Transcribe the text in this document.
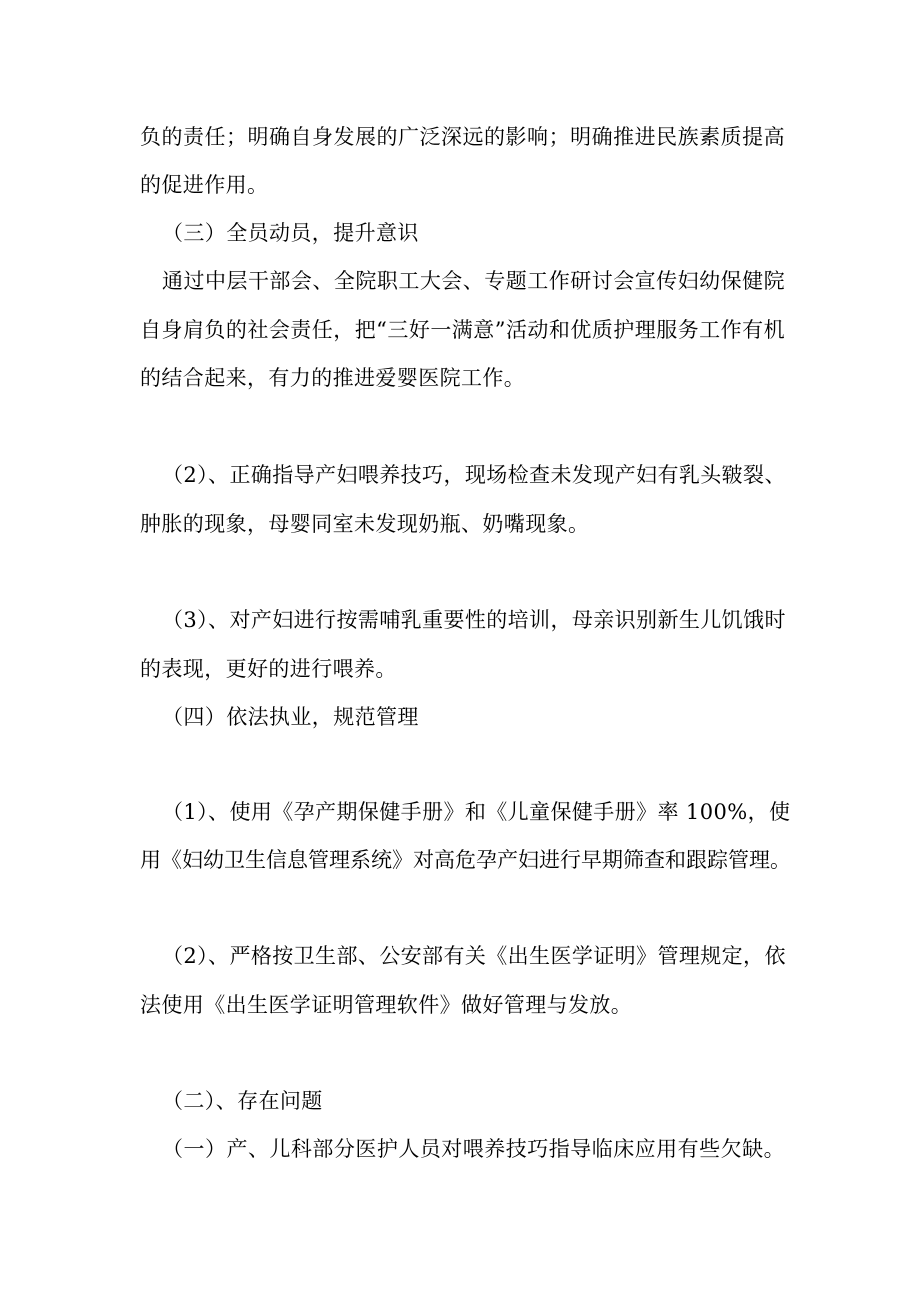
负的责任；明确自身发展的广泛深远的影响；明确推进民族素质提高
的促进作用。
（三）全员动员，提升意识
通过中层干部会、全院职工大会、专题工作研讨会宣传妇幼保健院
自身肩负的社会责任，把“三好一满意”活动和优质护理服务工作有机
的结合起来，有力的推进爱婴医院工作。
（2）、正确指导产妇喂养技巧，现场检查未发现产妇有乳头皲裂、
肿胀的现象，母婴同室未发现奶瓶、奶嘴现象。
（3）、对产妇进行按需哺乳重要性的培训，母亲识别新生儿饥饿时
的表现，更好的进行喂养。
（四）依法执业，规范管理
（1）、使用《孕产期保健手册》和《儿童保健手册》率 100%，使
用《妇幼卫生信息管理系统》对高危孕产妇进行早期筛查和跟踪管理。
（2）、严格按卫生部、公安部有关《出生医学证明》管理规定，依
法使用《出生医学证明管理软件》做好管理与发放。
（二）、存在问题
（一）产、儿科部分医护人员对喂养技巧指导临床应用有些欠缺。
